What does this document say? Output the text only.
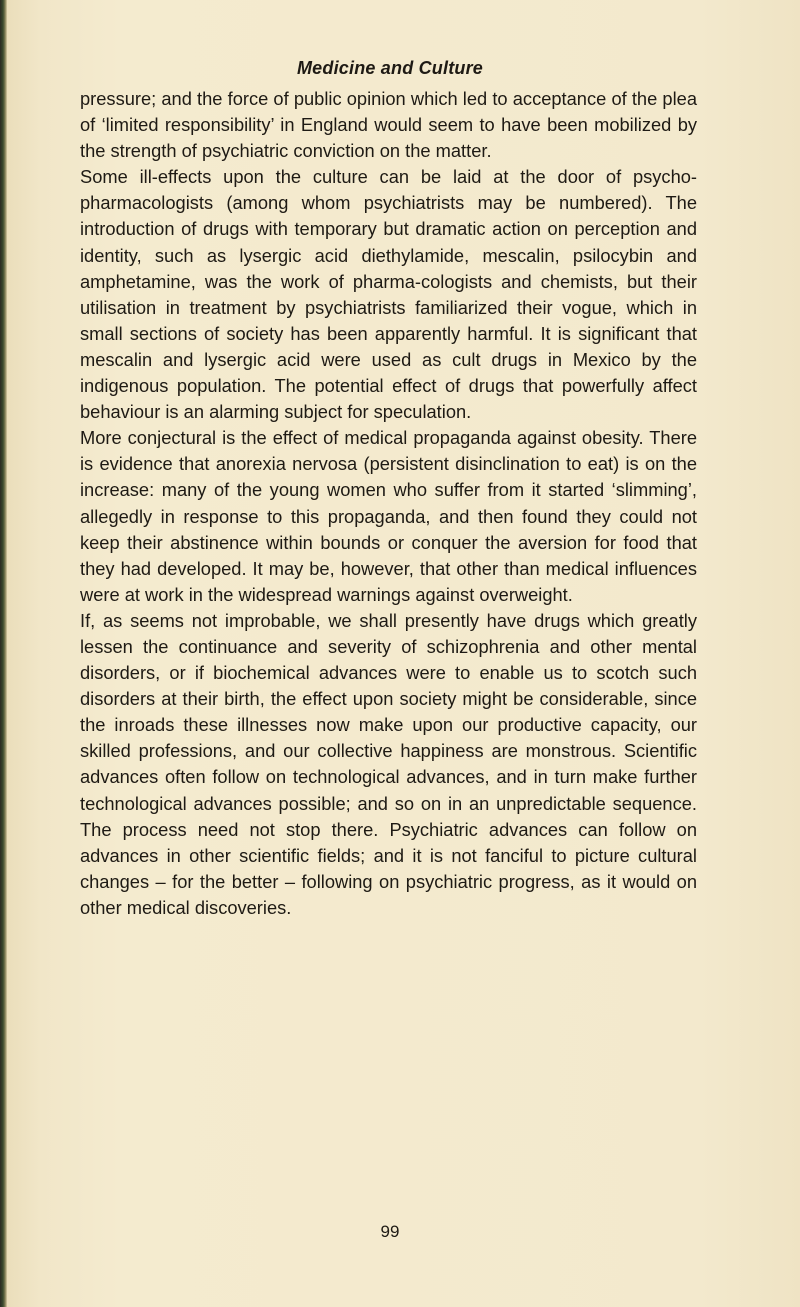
Medicine and Culture

pressure; and the force of public opinion which led to acceptance of the plea of ‘limited responsibility’ in England would seem to have been mobilized by the strength of psychiatric conviction on the matter.

Some ill-effects upon the culture can be laid at the door of psycho-pharmacologists (among whom psychiatrists may be numbered). The introduction of drugs with temporary but dramatic action on perception and identity, such as lysergic acid diethylamide, mescalin, psilocybin and amphetamine, was the work of pharma-cologists and chemists, but their utilisation in treatment by psychiatrists familiarized their vogue, which in small sections of society has been apparently harmful. It is significant that mescalin and lysergic acid were used as cult drugs in Mexico by the indigenous population. The potential effect of drugs that powerfully affect behaviour is an alarming subject for speculation.

More conjectural is the effect of medical propaganda against obesity. There is evidence that anorexia nervosa (persistent disinclination to eat) is on the increase: many of the young women who suffer from it started ‘slimming’, allegedly in response to this propaganda, and then found they could not keep their abstinence within bounds or conquer the aversion for food that they had developed. It may be, however, that other than medical influences were at work in the widespread warnings against overweight.

If, as seems not improbable, we shall presently have drugs which greatly lessen the continuance and severity of schizophrenia and other mental disorders, or if biochemical advances were to enable us to scotch such disorders at their birth, the effect upon society might be considerable, since the inroads these illnesses now make upon our productive capacity, our skilled professions, and our collective happiness are monstrous. Scientific advances often follow on technological advances, and in turn make further technological advances possible; and so on in an unpredictable sequence. The process need not stop there. Psychiatric advances can follow on advances in other scientific fields; and it is not fanciful to picture cultural changes – for the better – following on psychiatric progress, as it would on other medical discoveries.

99
